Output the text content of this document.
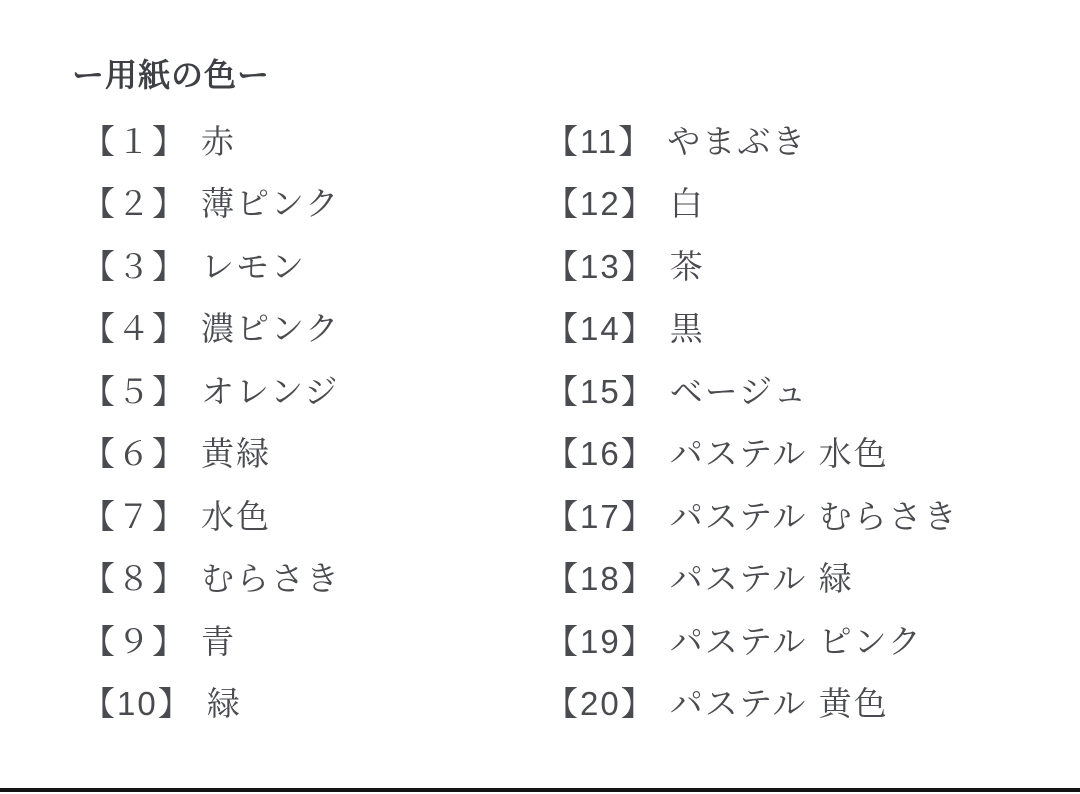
ー用紙の色ー
【１】 赤
【２】 薄ピンク
【３】 レモン
【４】 濃ピンク
【５】 オレンジ
【６】 黄緑
【７】 水色
【８】 むらさき
【９】 青
【10】 緑
【11】 やまぶき
【12】 白
【13】 茶
【14】 黒
【15】 ベージュ
【16】 パステル 水色
【17】 パステル むらさき
【18】 パステル 緑
【19】 パステル ピンク
【20】 パステル 黄色
